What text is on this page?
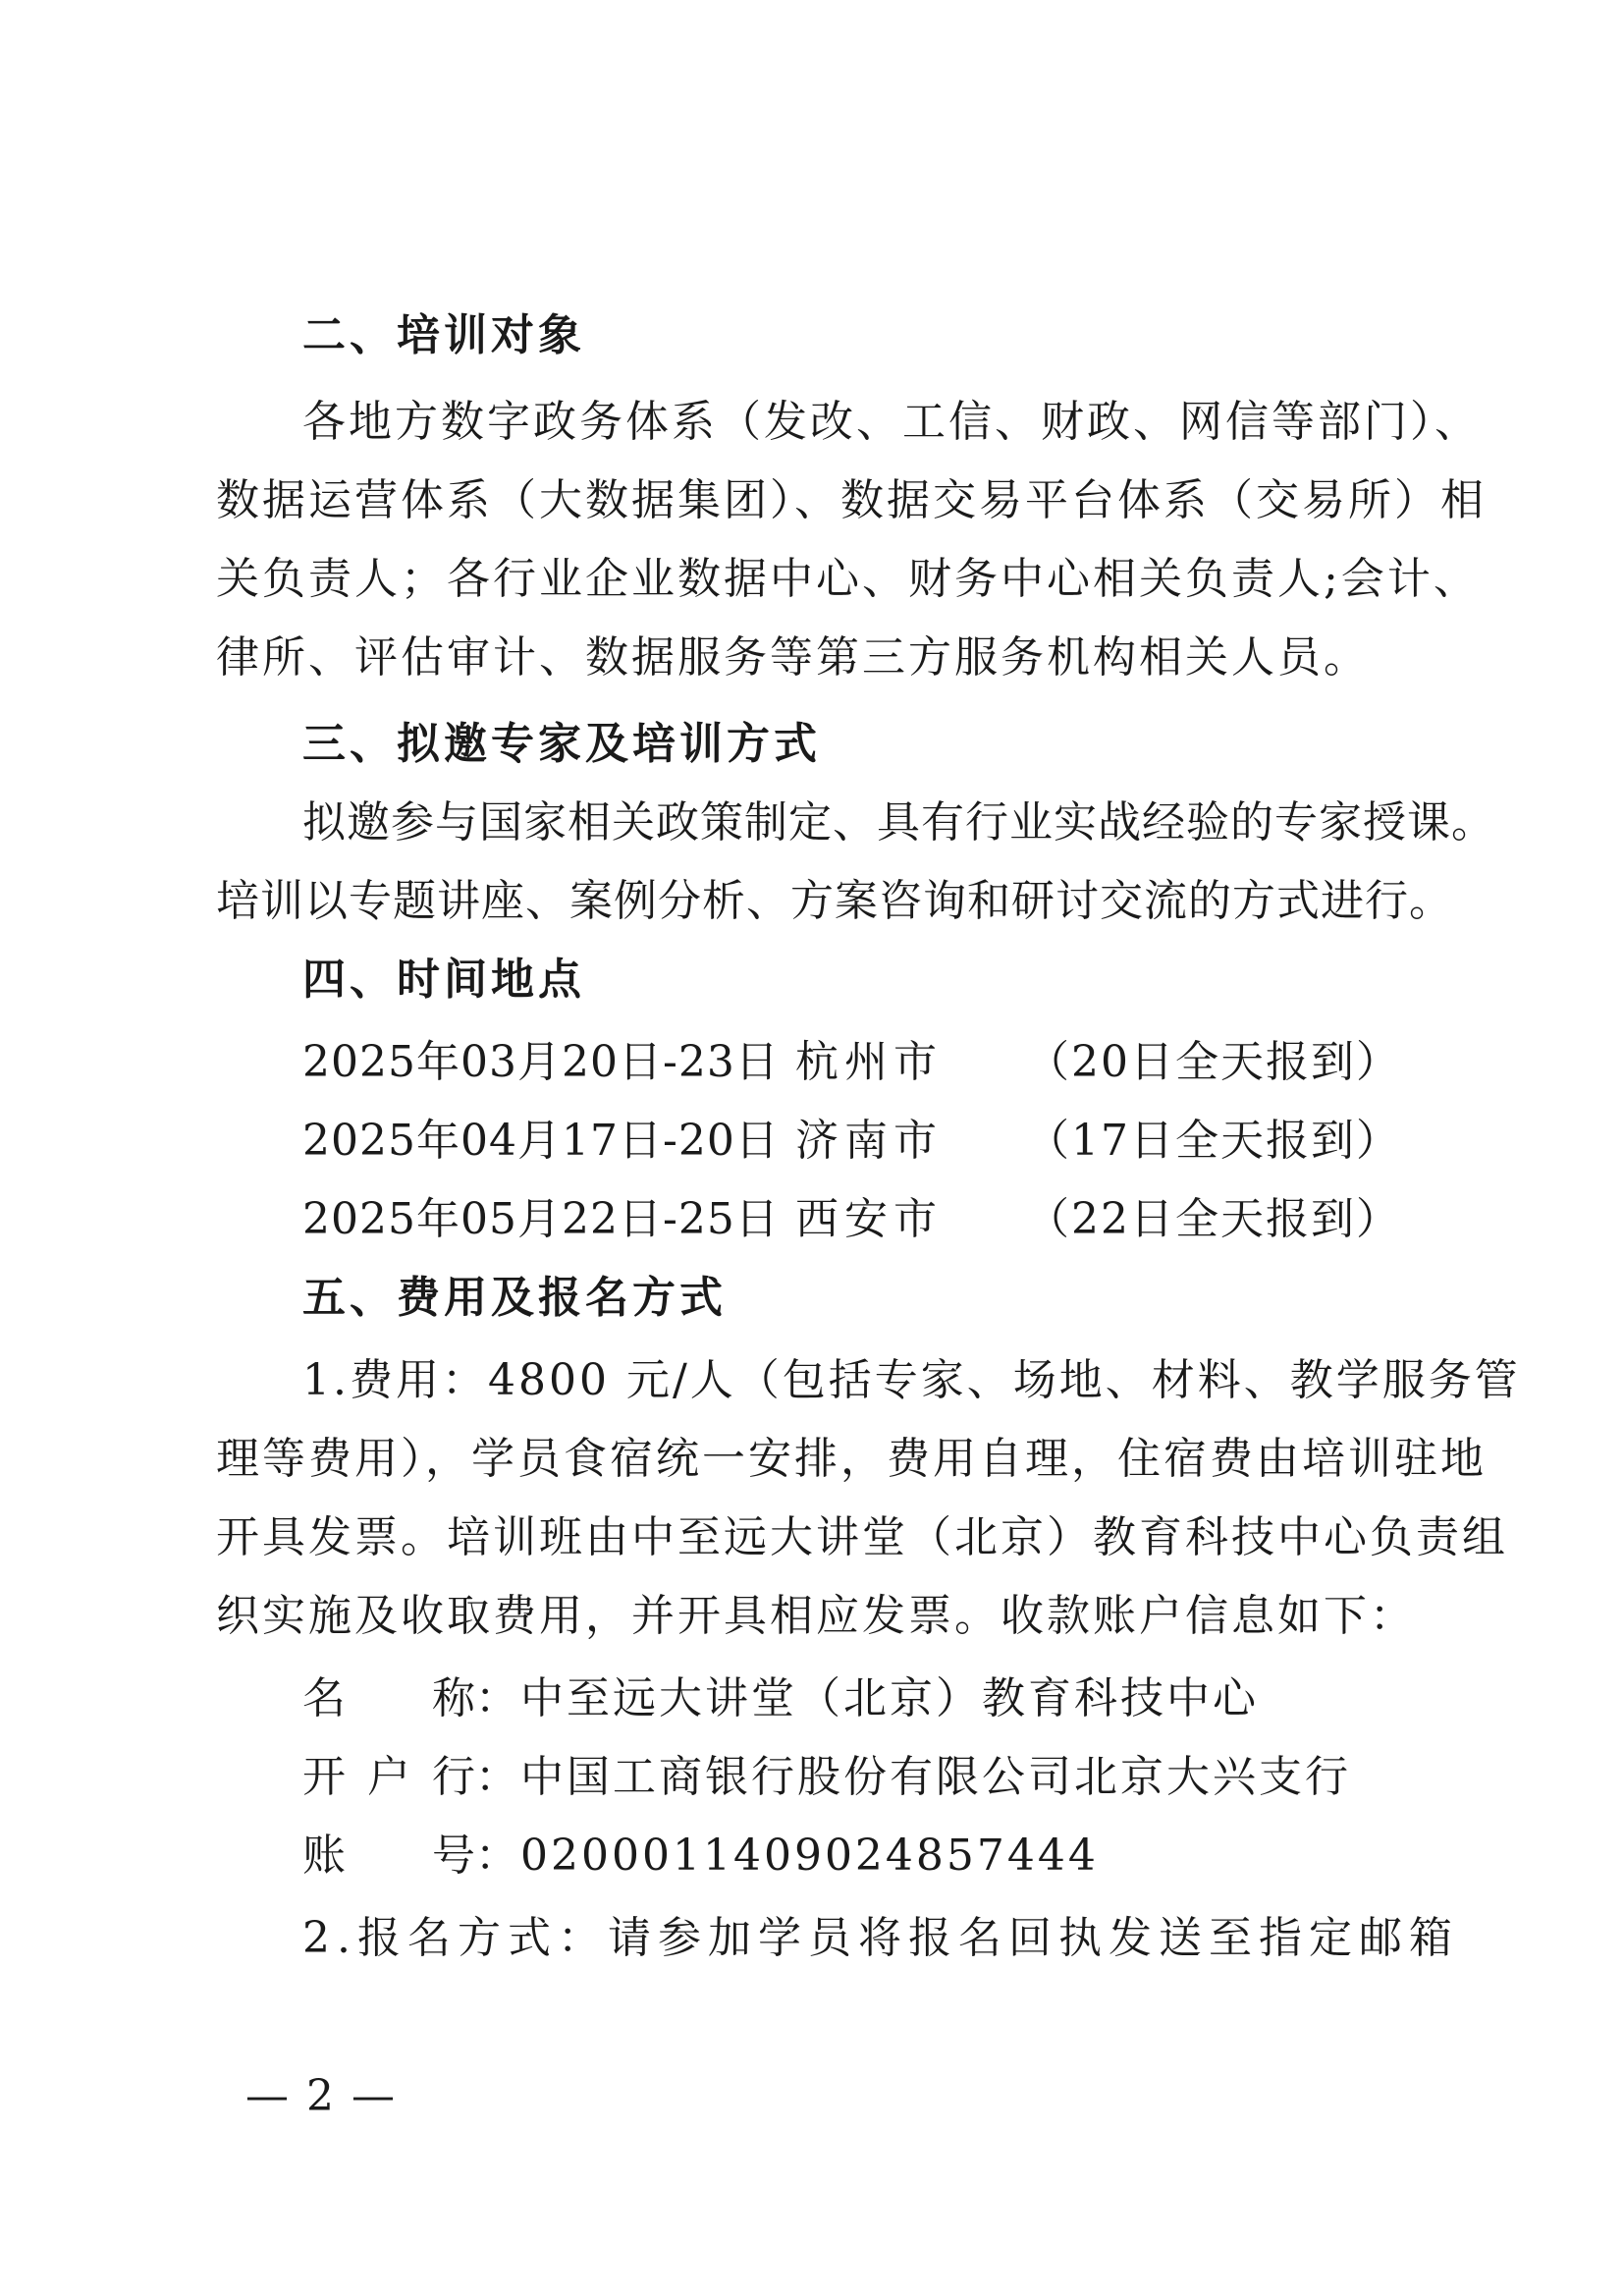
二、培训对象
各地方数字政务体系（发改、工信、财政、网信等部门）、
数据运营体系（大数据集团）、数据交易平台体系（交易所）相
关负责人；各行业企业数据中心、财务中心相关负责人;会计、
律所、评估审计、数据服务等第三方服务机构相关人员。
三、拟邀专家及培训方式
拟邀参与国家相关政策制定、具有行业实战经验的专家授课。
培训以专题讲座、案例分析、方案咨询和研讨交流的方式进行。
四、时间地点
2025年03月20日-23日 杭州市 （20日全天报到）
2025年04月17日-20日 济南市 （17日全天报到）
2025年05月22日-25日 西安市 （22日全天报到）
五、费用及报名方式
1.费用：4800 元/人（包括专家、场地、材料、教学服务管
理等费用），学员食宿统一安排，费用自理，住宿费由培训驻地
开具发票。培训班由中至远大讲堂（北京）教育科技中心负责组
织实施及收取费用，并开具相应发票。收款账户信息如下：
名 称： 中至远大讲堂（北京）教育科技中心
开 户 行： 中国工商银行股份有限公司北京大兴支行
账 号： 0200011409024857444
2.报名方式：请参加学员将报名回执发送至指定邮箱
— 2 —
